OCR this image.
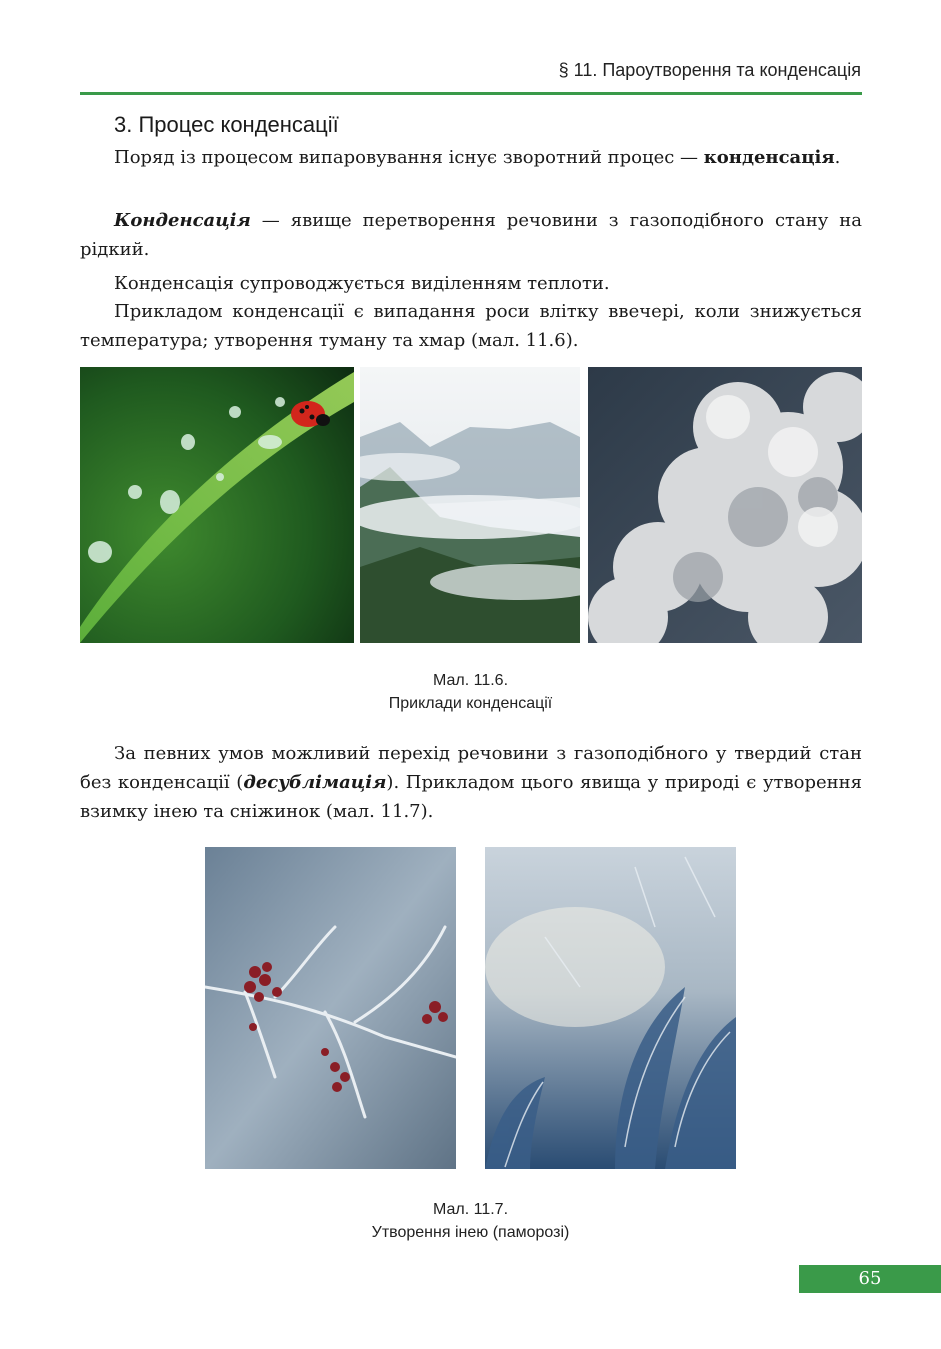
§ 11. Пароутворення та конденсація
3. Процес конденсації

Поряд із процесом випаровування існує зворотний процес — конденсація.

Конденсація — явище перетворення речовини з газоподібного стану на рідкий.

Конденсація супроводжується виділенням теплоти.

Прикладом конденсації є випадання роси влітку ввечері, коли знижується температура; утворення туману та хмар (мал. 11.6).

Мал. 11.6.
Приклади конденсації

За певних умов можливий перехід речовини з газоподібного у твердий стан без конденсації (десублімація). Прикладом цього явища у природі є утворення взимку інею та сніжинок (мал. 11.7).

Мал. 11.7.
Утворення інею (паморозі)
65
